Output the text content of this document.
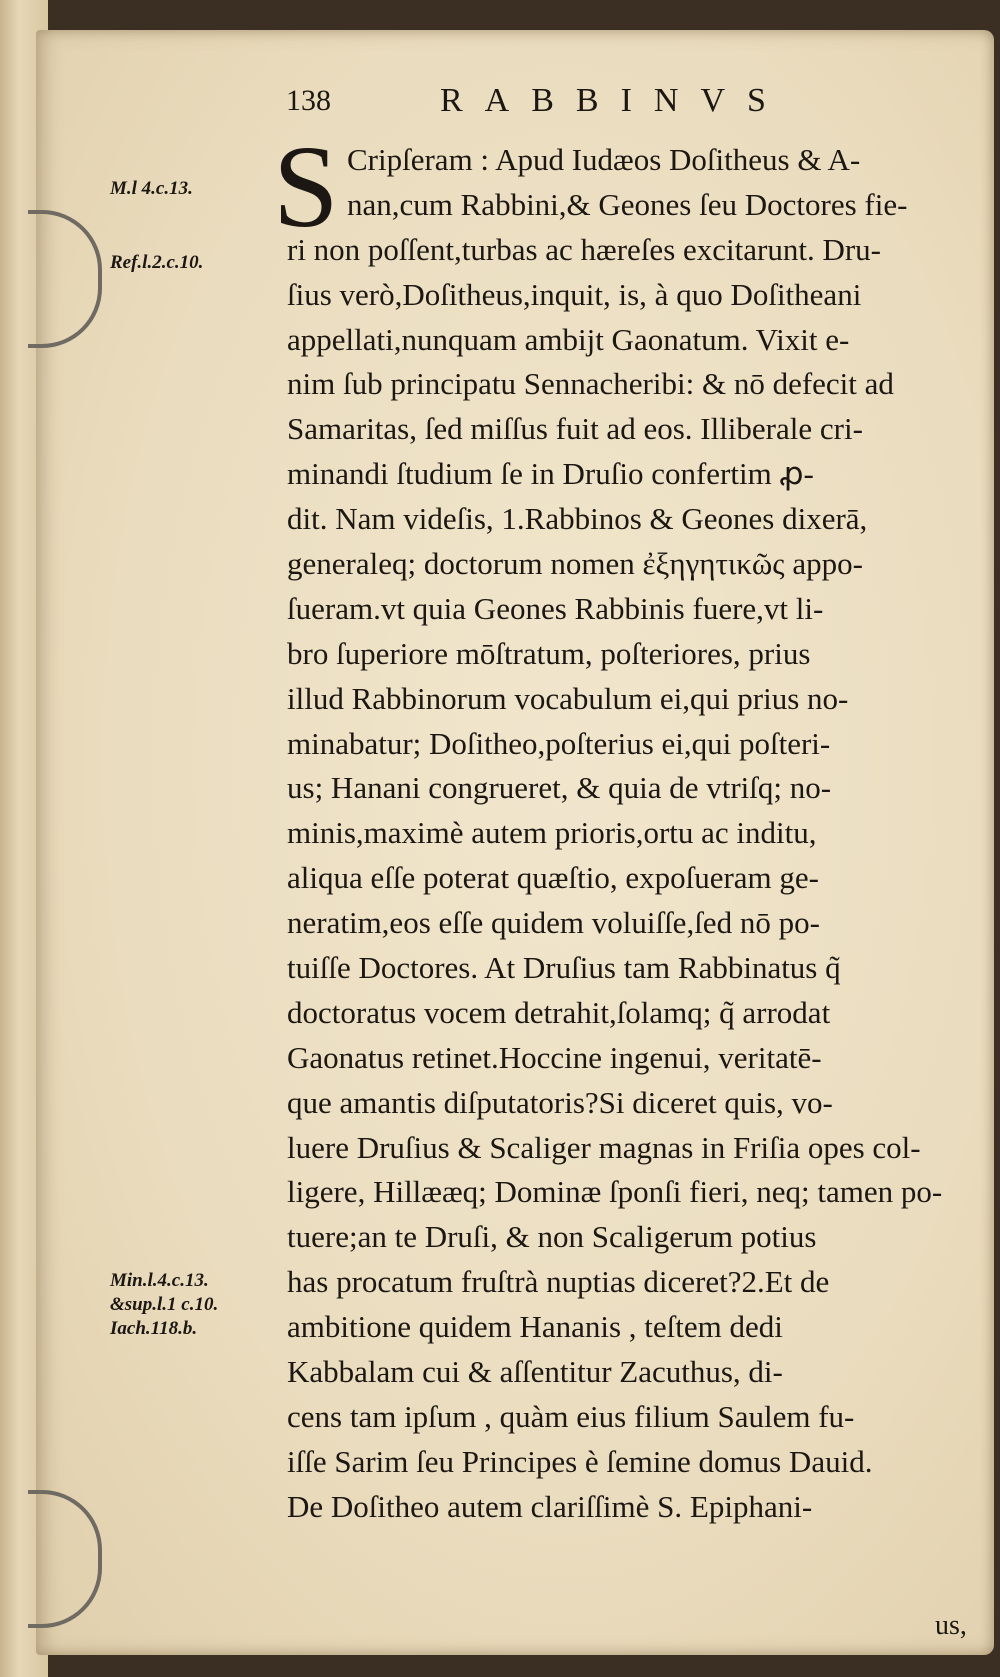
138	RABBINVS
M.l 4.c.13.
Ref.l.2.c.10.
Min.l.4.c.13.
&sup.l.1 c.10.
Iach.118.b.
S Cripſeram : Apud Iudæos Doſitheus & A-
nan,cum Rabbini,& Geones ſeu Doctores fie-
ri non poſſent,turbas ac hæreſes excitarunt. Dru-
ſius verò,Doſitheus,inquit, is, à quo Doſitheani
appellati,nunquam ambijt Gaonatum. Vixit e-
nim ſub principatu Sennacheribi: & nō defecit ad
Samaritas, ſed miſſus fuit ad eos. Illiberale cri-
minandi ſtudium ſe in Druſio confertim ꝓ-
dit. Nam videſis, 1.Rabbinos & Geones dixerā,
generaleq; doctorum nomen ἐξηγητικῶς appo-
ſueram.vt quia Geones Rabbinis fuere,vt li-
bro ſuperiore mōſtratum, poſteriores, prius
illud Rabbinorum vocabulum ei,qui prius no-
minabatur; Doſitheo,poſterius ei,qui poſteri-
us; Hanani congrueret, & quia de vtriſq; no-
minis,maximè autem prioris,ortu ac inditu,
aliqua eſſe poterat quæſtio, expoſueram ge-
neratim,eos eſſe quidem voluiſſe,ſed nō po-
tuiſſe Doctores. At Druſius tam Rabbinatus q̃
doctoratus vocem detrahit,ſolamq; q̃ arrodat
Gaonatus retinet.Hoccine ingenui, veritatē-
que amantis diſputatoris?Si diceret quis, vo-
luere Druſius & Scaliger magnas in Friſia opes col-
ligere, Hillææq; Dominæ ſponſi fieri, neq; tamen po-
tuere;an te Druſi, & non Scaligerum potius
has procatum fruſtrà nuptias diceret?2.Et de
ambitione quidem Hananis , teſtem dedi
Kabbalam cui & aſſentitur Zacuthus, di-
cens tam ipſum , quàm eius filium Saulem fu-
iſſe Sarim ſeu Principes è ſemine domus Dauid.
De Doſitheo autem clariſſimè S. Epiphani-
us,
